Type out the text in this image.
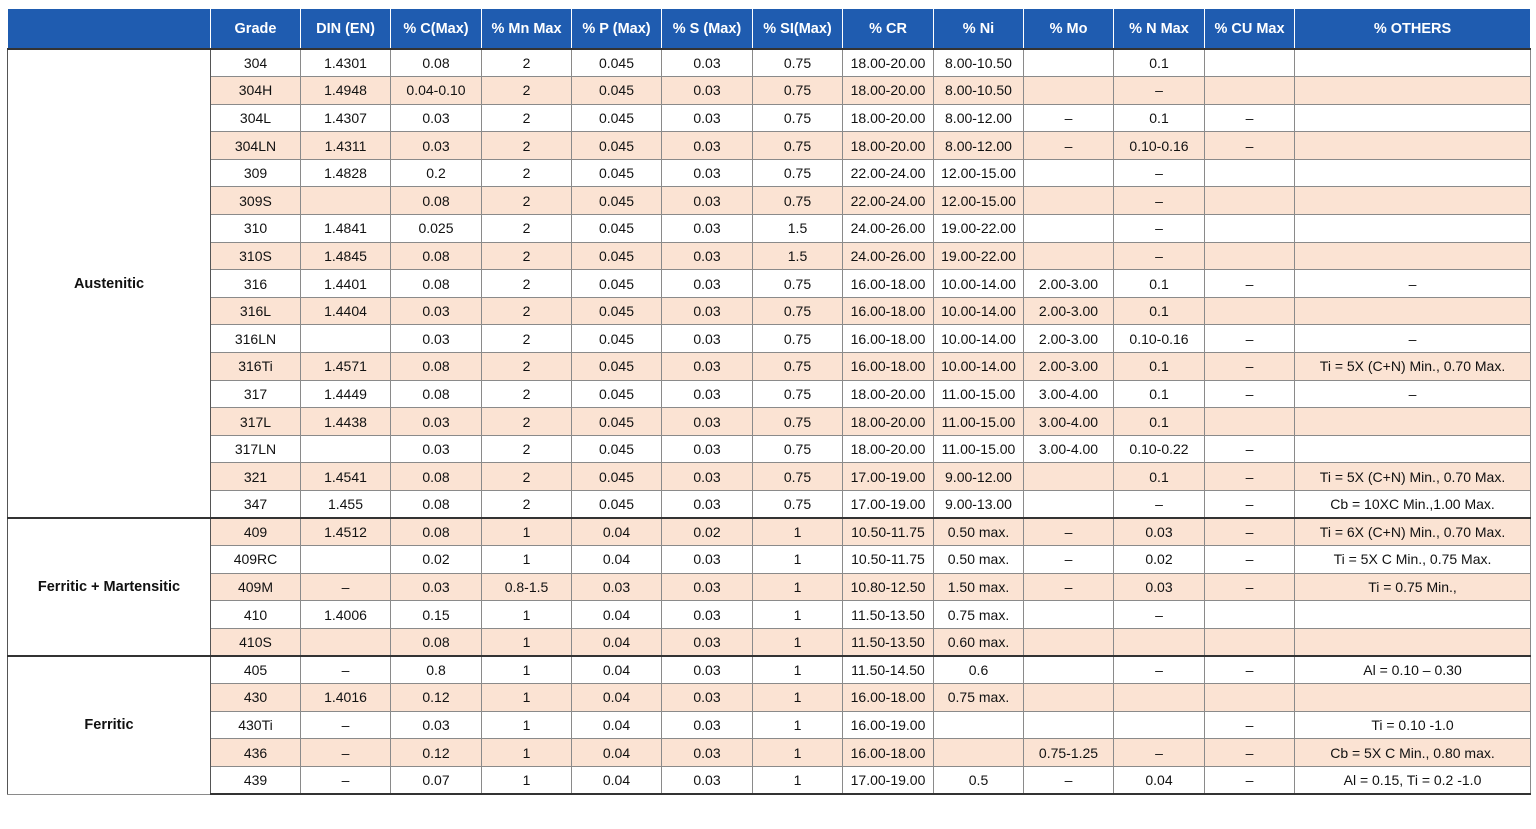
	Grade	DIN (EN)	% C(Max)	% Mn Max	% P (Max)	% S (Max)	% SI(Max)	% CR	% Ni	% Mo	% N Max	% CU Max	% OTHERS
Austenitic	304	1.4301	0.08	2	0.045	0.03	0.75	18.00-20.00	8.00-10.50		0.1		
	304H	1.4948	0.04-0.10	2	0.045	0.03	0.75	18.00-20.00	8.00-10.50		–		
	304L	1.4307	0.03	2	0.045	0.03	0.75	18.00-20.00	8.00-12.00	–	0.1	–	
	304LN	1.4311	0.03	2	0.045	0.03	0.75	18.00-20.00	8.00-12.00	–	0.10-0.16	–	
	309	1.4828	0.2	2	0.045	0.03	0.75	22.00-24.00	12.00-15.00		–		
	309S		0.08	2	0.045	0.03	0.75	22.00-24.00	12.00-15.00		–		
	310	1.4841	0.025	2	0.045	0.03	1.5	24.00-26.00	19.00-22.00		–		
	310S	1.4845	0.08	2	0.045	0.03	1.5	24.00-26.00	19.00-22.00		–		
	316	1.4401	0.08	2	0.045	0.03	0.75	16.00-18.00	10.00-14.00	2.00-3.00	0.1	–	–
	316L	1.4404	0.03	2	0.045	0.03	0.75	16.00-18.00	10.00-14.00	2.00-3.00	0.1		
	316LN		0.03	2	0.045	0.03	0.75	16.00-18.00	10.00-14.00	2.00-3.00	0.10-0.16	–	–
	316Ti	1.4571	0.08	2	0.045	0.03	0.75	16.00-18.00	10.00-14.00	2.00-3.00	0.1	–	Ti = 5X (C+N) Min., 0.70 Max.
	317	1.4449	0.08	2	0.045	0.03	0.75	18.00-20.00	11.00-15.00	3.00-4.00	0.1	–	–
	317L	1.4438	0.03	2	0.045	0.03	0.75	18.00-20.00	11.00-15.00	3.00-4.00	0.1		
	317LN		0.03	2	0.045	0.03	0.75	18.00-20.00	11.00-15.00	3.00-4.00	0.10-0.22	–	
	321	1.4541	0.08	2	0.045	0.03	0.75	17.00-19.00	9.00-12.00		0.1	–	Ti = 5X (C+N) Min., 0.70 Max.
	347	1.455	0.08	2	0.045	0.03	0.75	17.00-19.00	9.00-13.00		–	–	Cb = 10XC Min.,1.00 Max.
Ferritic + Martensitic	409	1.4512	0.08	1	0.04	0.02	1	10.50-11.75	0.50 max.	–	0.03	–	Ti = 6X (C+N) Min., 0.70 Max.
	409RC		0.02	1	0.04	0.03	1	10.50-11.75	0.50 max.	–	0.02	–	Ti = 5X C Min., 0.75 Max.
	409M	–	0.03	0.8-1.5	0.03	0.03	1	10.80-12.50	1.50 max.	–	0.03	–	Ti = 0.75 Min.,
	410	1.4006	0.15	1	0.04	0.03	1	11.50-13.50	0.75 max.		–		
	410S		0.08	1	0.04	0.03	1	11.50-13.50	0.60 max.				
Ferritic	405	–	0.8	1	0.04	0.03	1	11.50-14.50	0.6		–	–	Al = 0.10 – 0.30
	430	1.4016	0.12	1	0.04	0.03	1	16.00-18.00	0.75 max.				
	430Ti	–	0.03	1	0.04	0.03	1	16.00-19.00				–	Ti = 0.10 -1.0
	436	–	0.12	1	0.04	0.03	1	16.00-18.00		0.75-1.25	–	–	Cb = 5X C Min., 0.80 max.
	439	–	0.07	1	0.04	0.03	1	17.00-19.00	0.5	–	0.04	–	Al = 0.15, Ti = 0.2 -1.0
